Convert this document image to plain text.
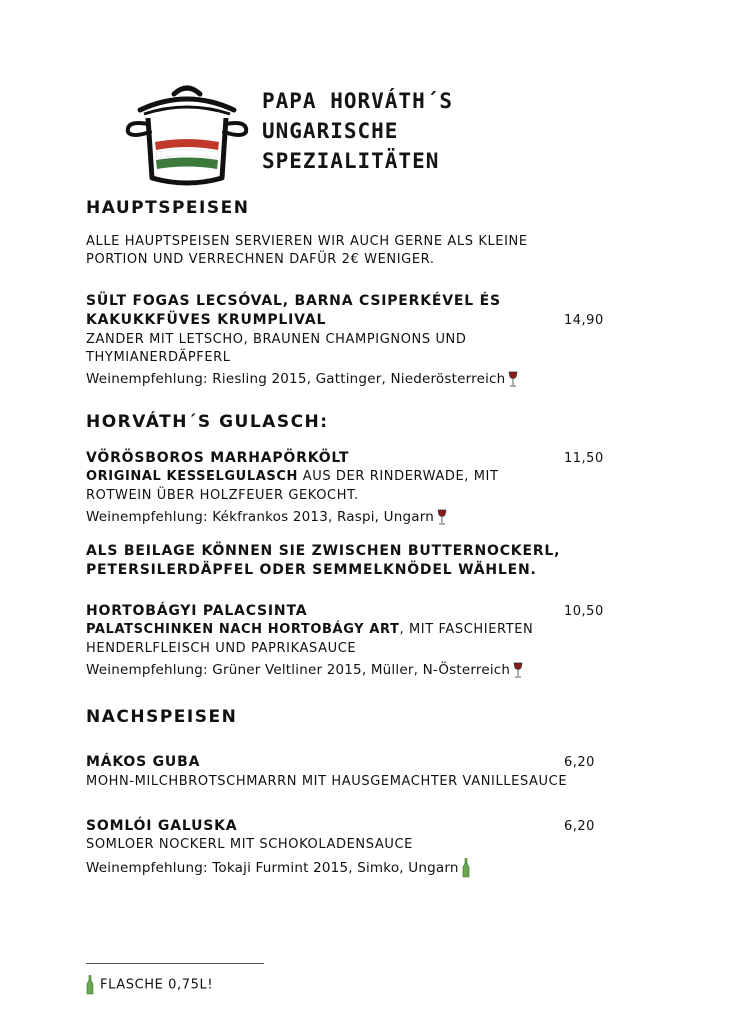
PAPA HORVÁTH´S
UNGARISCHE
SPEZIALITÄTEN
HAUPTSPEISEN
ALLE HAUPTSPEISEN SERVIEREN WIR AUCH GERNE ALS KLEINE
PORTION UND VERRECHNEN DAFÜR 2€ WENIGER.
SÜLT FOGAS LECSÓVAL, BARNA CSIPERKÉVEL ÉS
KAKUKKFÜVES KRUMPLIVAL	14,90
ZANDER MIT LETSCHO, BRAUNEN CHAMPIGNONS UND
THYMIANERDÄPFERL
Weinempfehlung: Riesling 2015, Gattinger, Niederösterreich
HORVÁTH´S GULASCH:
VÖRÖSBOROS MARHAPÖRKÖLT	11,50
ORIGINAL KESSELGULASCH AUS DER RINDERWADE, MIT
ROTWEIN ÜBER HOLZFEUER GEKOCHT.
Weinempfehlung: Kékfrankos 2013, Raspi, Ungarn
ALS BEILAGE KÖNNEN SIE ZWISCHEN BUTTERNOCKERL,
PETERSILERDÄPFEL ODER SEMMELKNÖDEL WÄHLEN.
HORTOBÁGYI PALACSINTA	10,50
PALATSCHINKEN NACH HORTOBÁGY ART, MIT FASCHIERTEN
HENDERLFLEISCH UND PAPRIKASAUCE
Weinempfehlung: Grüner Veltliner 2015, Müller, N-Österreich
NACHSPEISEN
MÁKOS GUBA	6,20
MOHN-MILCHBROTSCHMARRN MIT HAUSGEMACHTER VANILLESAUCE
SOMLÓI GALUSKA	6,20
SOMLOER NOCKERL MIT SCHOKOLADENSAUCE
Weinempfehlung: Tokaji Furmint 2015, Simko, Ungarn
FLASCHE 0,75L!
